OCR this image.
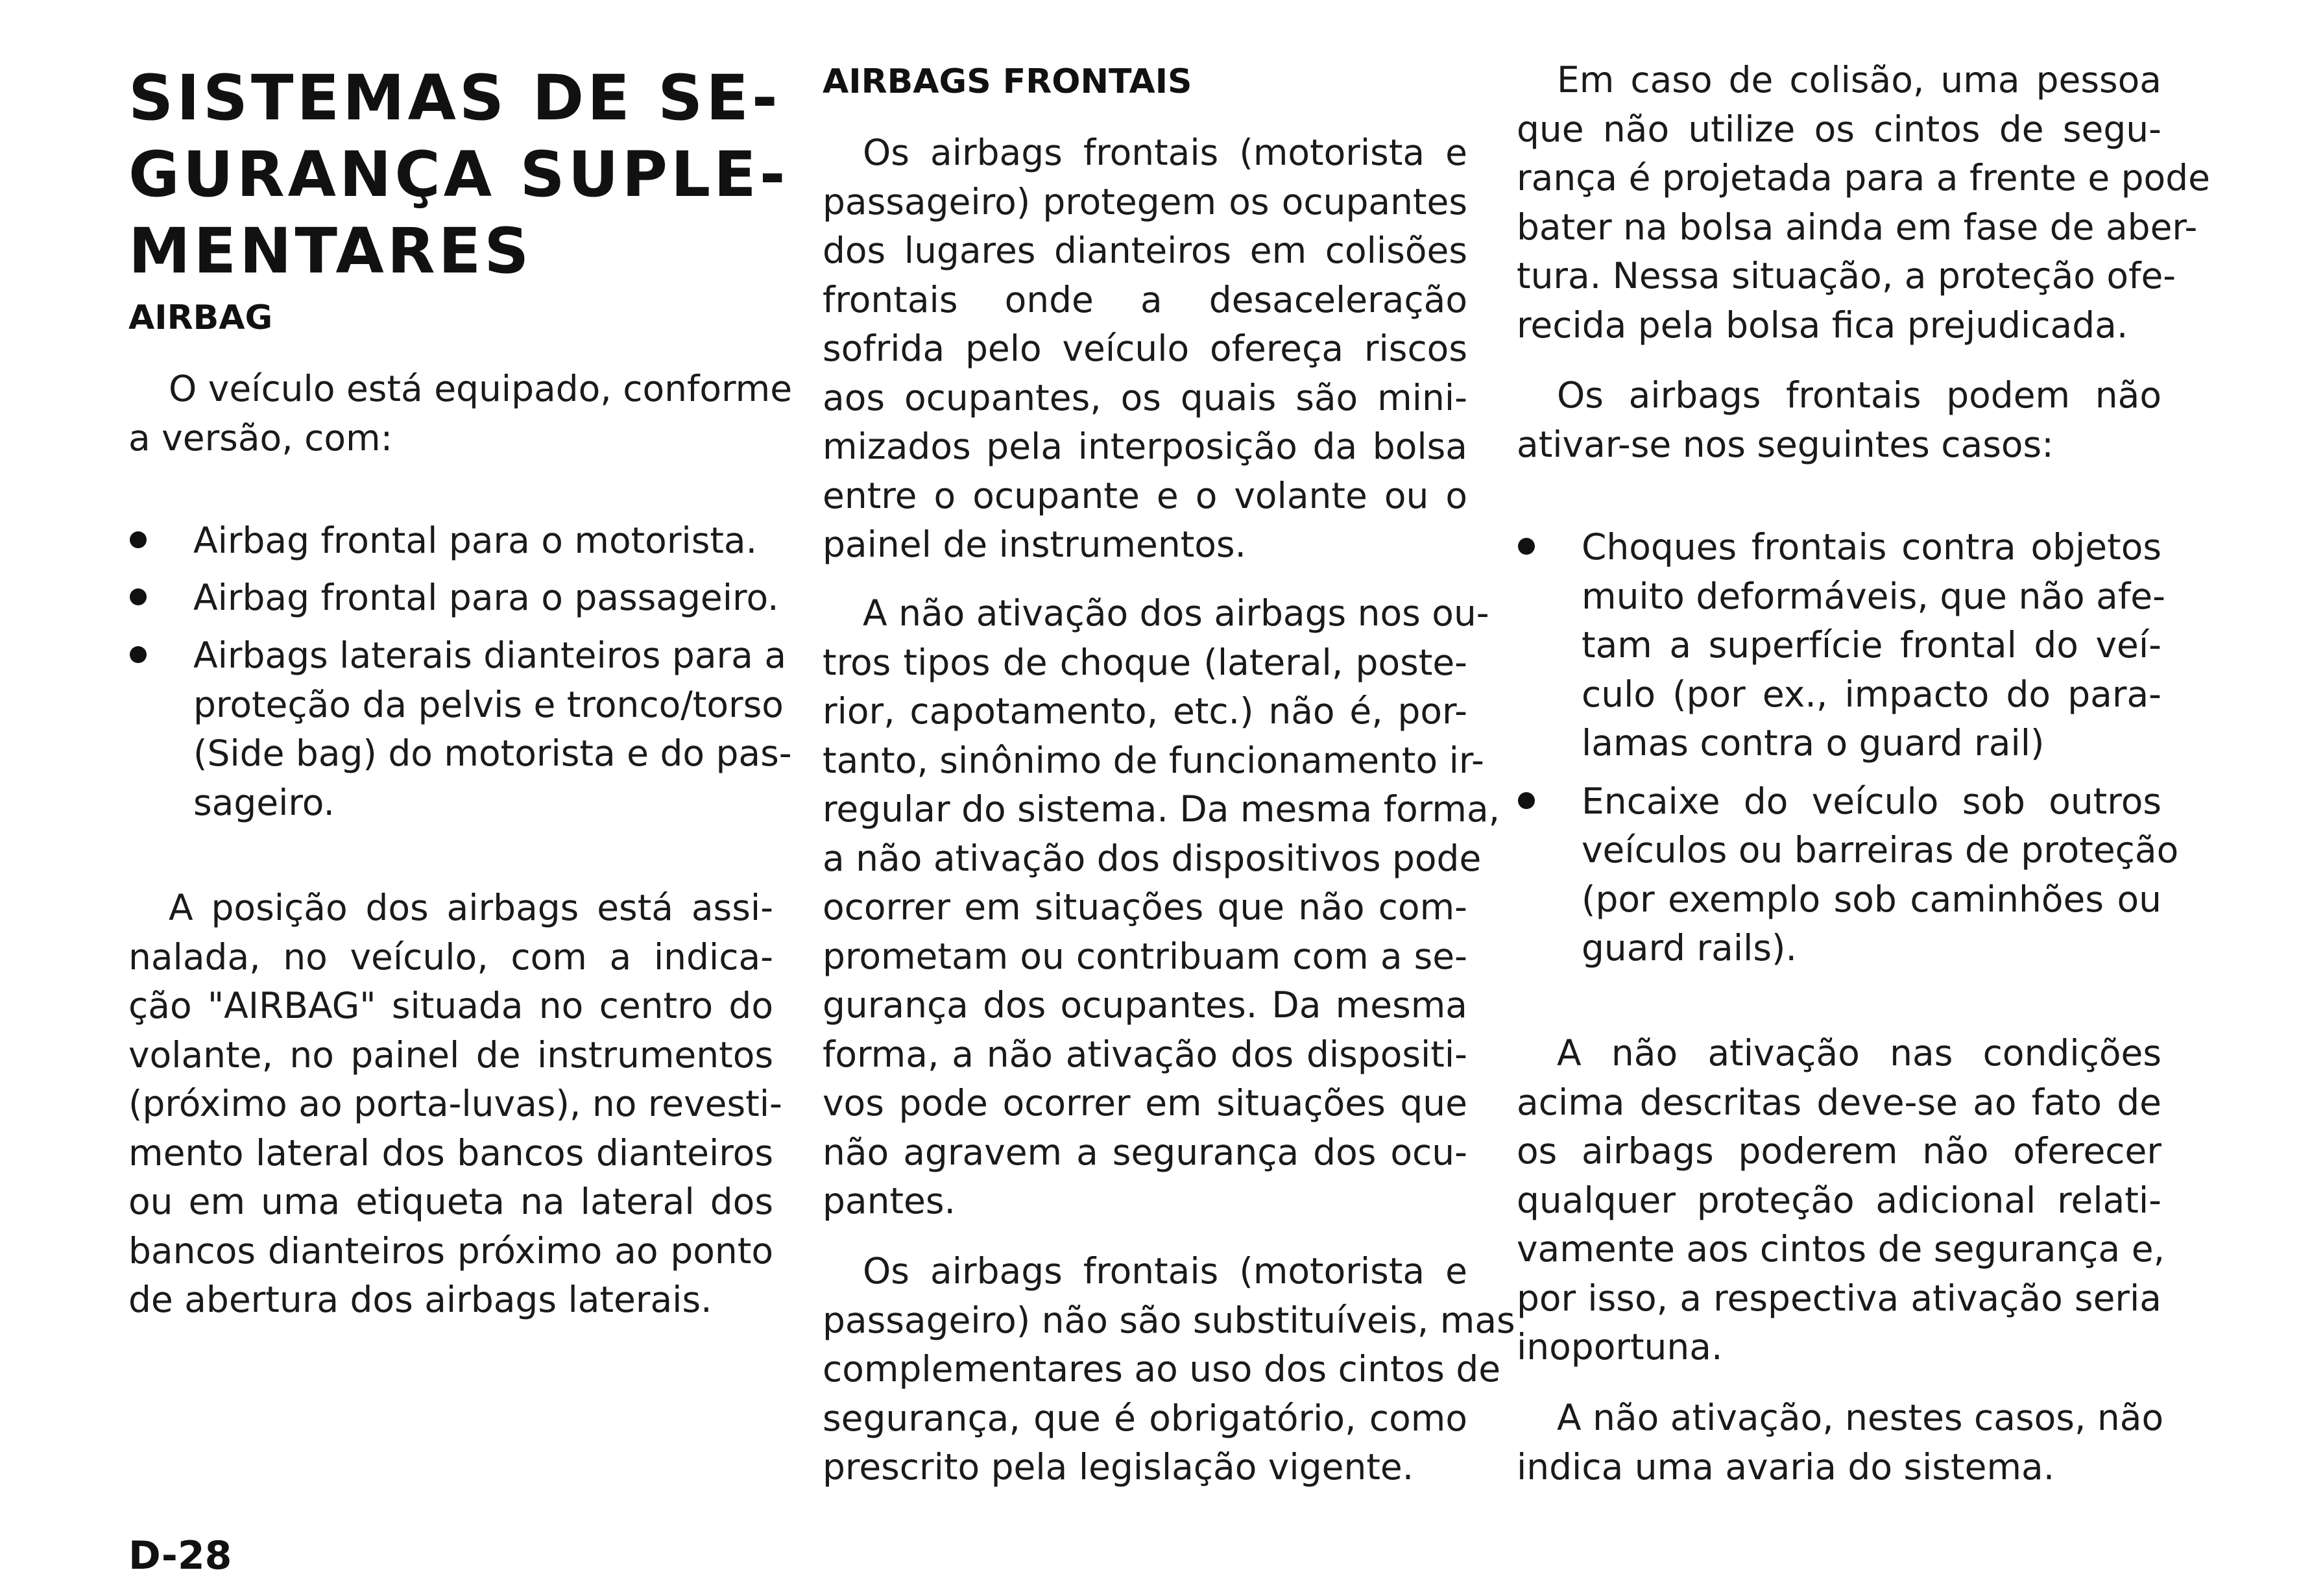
SISTEMAS DE SE-
GURANÇA SUPLE-
MENTARES
AIRBAG

O veículo está equipado, conforme
a versão, com:

Airbag frontal para o motorista.
Airbag frontal para o passageiro.
Airbags laterais dianteiros para a
proteção da pelvis e tronco/torso
(Side bag) do motorista e do pas-
sageiro.

A posição dos airbags está assi-
nalada, no veículo, com a indica-
ção "AIRBAG" situada no centro do
volante, no painel de instrumentos
(próximo ao porta-luvas), no revesti-
mento lateral dos bancos dianteiros
ou em uma etiqueta na lateral dos
bancos dianteiros próximo ao ponto
de abertura dos airbags laterais.

AIRBAGS FRONTAIS

Os airbags frontais (motorista e
passageiro) protegem os ocupantes
dos lugares dianteiros em colisões
frontais onde a desaceleração
sofrida pelo veículo ofereça riscos
aos ocupantes, os quais são mini-
mizados pela interposição da bolsa
entre o ocupante e o volante ou o
painel de instrumentos.

A não ativação dos airbags nos ou-
tros tipos de choque (lateral, poste-
rior, capotamento, etc.) não é, por-
tanto, sinônimo de funcionamento ir-
regular do sistema. Da mesma forma,
a não ativação dos dispositivos pode
ocorrer em situações que não com-
prometam ou contribuam com a se-
gurança dos ocupantes. Da mesma
forma, a não ativação dos dispositi-
vos pode ocorrer em situações que
não agravem a segurança dos ocu-
pantes.

Os airbags frontais (motorista e
passageiro) não são substituíveis, mas
complementares ao uso dos cintos de
segurança, que é obrigatório, como
prescrito pela legislação vigente.

Em caso de colisão, uma pessoa
que não utilize os cintos de segu-
rança é projetada para a frente e pode
bater na bolsa ainda em fase de aber-
tura. Nessa situação, a proteção ofe-
recida pela bolsa fica prejudicada.

Os airbags frontais podem não
ativar-se nos seguintes casos:

Choques frontais contra objetos
muito deformáveis, que não afe-
tam a superfície frontal do veí-
culo (por ex., impacto do para-
lamas contra o guard rail)
Encaixe do veículo sob outros
veículos ou barreiras de proteção
(por exemplo sob caminhões ou
guard rails).

A não ativação nas condições
acima descritas deve-se ao fato de
os airbags poderem não oferecer
qualquer proteção adicional relati-
vamente aos cintos de segurança e,
por isso, a respectiva ativação seria
inoportuna.

A não ativação, nestes casos, não
indica uma avaria do sistema.

D-28
